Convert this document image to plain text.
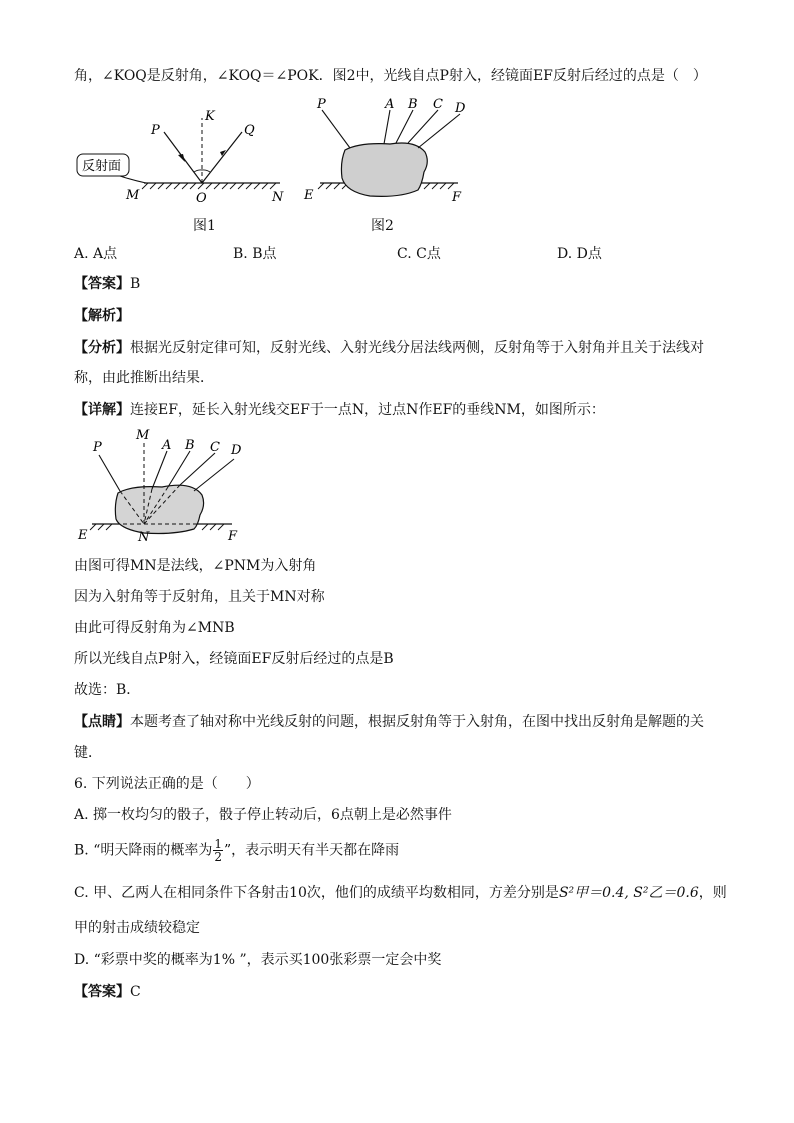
角，∠KOQ是反射角，∠KOQ＝∠POK．图2中，光线自点P射入，经镜面EF反射后经过的点是（　）
反射面
P
K
Q
M	O	N
图1
P	A B C D
E	F
图2
A. A点	B. B点	C. C点	D. D点
【答案】B
【解析】
【分析】根据光反射定律可知，反射光线、入射光线分居法线两侧，反射角等于入射角并且关于法线对
称，由此推断出结果．
【详解】连接EF，延长入射光线交EF于一点N，过点N作EF的垂线NM，如图所示：
P
M
A B C D
E	N	F
由图可得MN是法线，∠PNM为入射角
因为入射角等于反射角，且关于MN对称
由此可得反射角为∠MNB
所以光线自点P射入，经镜面EF反射后经过的点是B
故选：B．
【点睛】本题考查了轴对称中光线反射的问题，根据反射角等于入射角，在图中找出反射角是解题的关
键．
6. 下列说法正确的是（　　）
A. 掷一枚均匀的骰子，骰子停止转动后，6点朝上是必然事件
B. “明天降雨的概率为 $\frac{1}{2}$ ”，表示明天有半天都在降雨
C. 甲、乙两人在相同条件下各射击10次，他们的成绩平均数相同，方差分别是S²甲＝0.4, S²乙＝0.6，则
甲的射击成绩较稳定
D. “彩票中奖的概率为1% ”，表示买100张彩票一定会中奖
【答案】C
